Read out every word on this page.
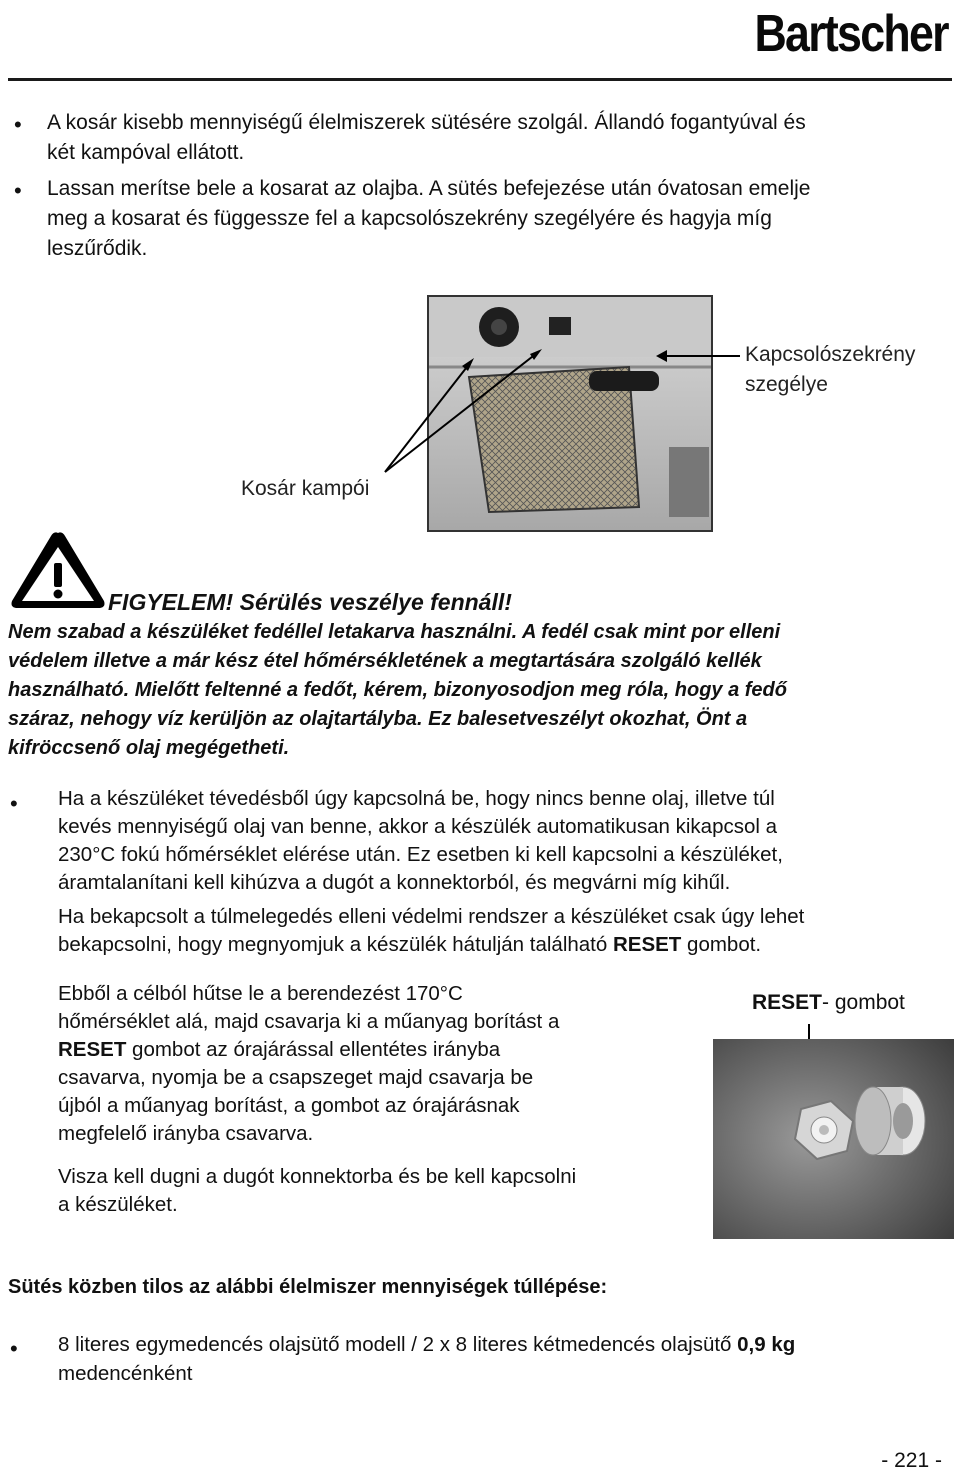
Bartscher
• A kosár kisebb mennyiségű élelmiszerek sütésére szolgál. Állandó fogantyúval és
két kampóval ellátott.
• Lassan merítse bele a kosarat az olajba. A sütés befejezése után óvatosan emelje
meg a kosarat és függessze fel a kapcsolószekrény szegélyére és hagyja míg
leszűrődik.
Kapcsolószekrény
szegélye
Kosár kampói
FIGYELEM! Sérülés veszélye fennáll!
Nem szabad a készüléket fedéllel letakarva használni. A fedél csak mint por elleni
védelem illetve a már kész étel hőmérsékletének a megtartására szolgáló kellék
használható. Mielőtt feltenné a fedőt, kérem, bizonyosodjon meg róla, hogy a fedő
száraz, nehogy víz kerüljön az olajtartályba. Ez balesetveszélyt okozhat, Önt a
kifröccsenő olaj megégetheti.
• Ha a készüléket tévedésből úgy kapcsolná be, hogy nincs benne olaj, illetve túl
kevés mennyiségű olaj van benne, akkor a készülék automatikusan kikapcsol a
230°C fokú hőmérséklet elérése után. Ez esetben ki kell kapcsolni a készüléket,
áramtalanítani kell kihúzva a dugót a konnektorból, és megvárni míg kihűl.
Ha bekapcsolt a túlmelegedés elleni védelmi rendszer a készüléket csak úgy lehet
bekapcsolni, hogy megnyomjuk a készülék hátulján található RESET gombot.
Ebből a célból hűtse le a berendezést 170°C
hőmérséklet alá, majd csavarja ki a műanyag borítást a
RESET gombot az órajárással ellentétes irányba
csavarva, nyomja be a csapszeget majd csavarja be
újból a műanyag borítást, a gombot az órajárásnak
megfelelő irányba csavarva.
Visza kell dugni a dugót konnektorba és be kell kapcsolni
a készüléket.
RESET- gombot
Sütés közben tilos az alábbi élelmiszer mennyiségek túllépése:
• 8 literes egymedencés olajsütő modell / 2 x 8 literes kétmedencés olajsütő 0,9 kg
medencénként
- 221 -
